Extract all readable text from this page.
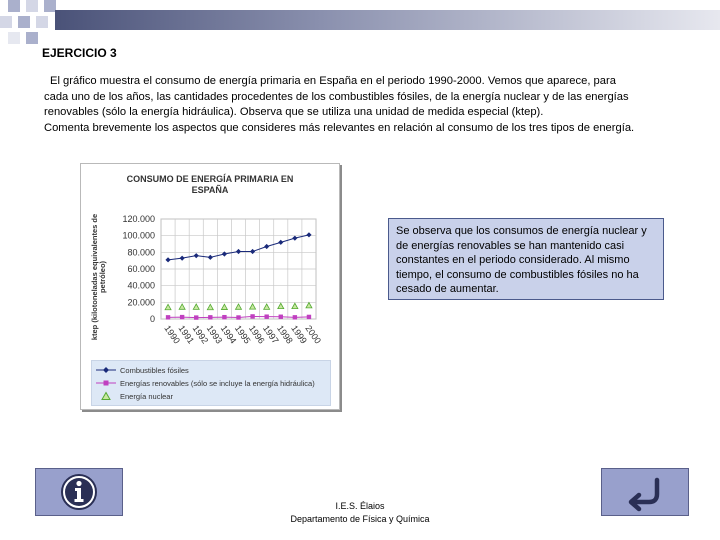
EJERCICIO 3
El gráfico muestra el consumo de energía primaria en España en el periodo 1990-2000. Vemos que aparece, para
cada uno de los años, las cantidades procedentes de los combustibles fósiles, de la energía nuclear y de las energías
renovables (sólo la energía hidráulica). Observa que se utiliza una unidad de medida especial (ktep).
Comenta brevemente los aspectos que consideres más relevantes en relación al consumo de los tres tipos de energía.
CONSUMO DE ENERGÍA PRIMARIA EN ESPAÑA
ktep (kilotoneladas equivalentes de petróleo)
0
20.000
40.000
60.000
80.000
100.000
120.000
1990
1991
1992
1993
1994
1995
1996
1997
1998
1999
2000
Combustibles fósiles
Energías renovables (sólo se incluye la energía hidráulica)
Energía nuclear
Se observa que los consumos de energía nuclear y de energías renovables se han mantenido casi constantes en el periodo considerado. Al mismo tiempo, el consumo de combustibles fósiles no ha cesado de aumentar.
I.E.S. Élaios
Departamento de Física y Química
